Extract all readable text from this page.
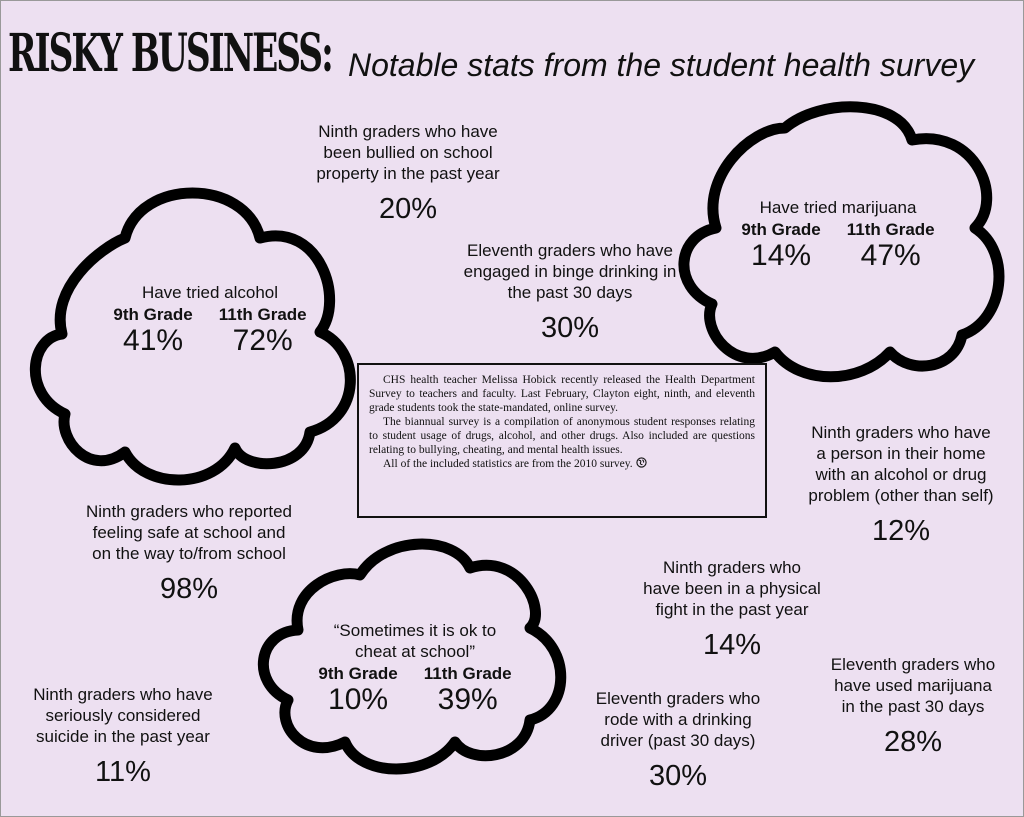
RISKY BUSINESS: Notable stats from the student health survey
Have tried alcohol
9th Grade
41%
11th Grade
72%
Have tried marijuana
9th Grade
14%
11th Grade
47%
“Sometimes it is ok to
cheat at school”
9th Grade
10%
11th Grade
39%
Ninth graders who have
been bullied on school
property in the past year
20%
Eleventh graders who have
engaged in binge drinking in
the past 30 days
30%
Ninth graders who have
a person in their home
with an alcohol or drug
problem (other than self)
12%
Ninth graders who reported
feeling safe at school and
on the way to/from school
98%
Ninth graders who
have been in a physical
fight in the past year
14%
Ninth graders who have
seriously considered
suicide in the past year
11%
Eleventh graders who
rode with a drinking
driver (past 30 days)
30%
Eleventh graders who
have used marijuana
in the past 30 days
28%

CHS health teacher Melissa Hobick recently released the Health Department Survey to teachers and faculty. Last February, Clayton eight, ninth, and eleventh grade students took the state-mandated, online survey.

The biannual survey is a compilation of anonymous student responses relating to student usage of drugs, alcohol, and other drugs. Also included are questions relating to bullying, cheating, and mental health issues.

All of the included statistics are from the 2010 survey.
